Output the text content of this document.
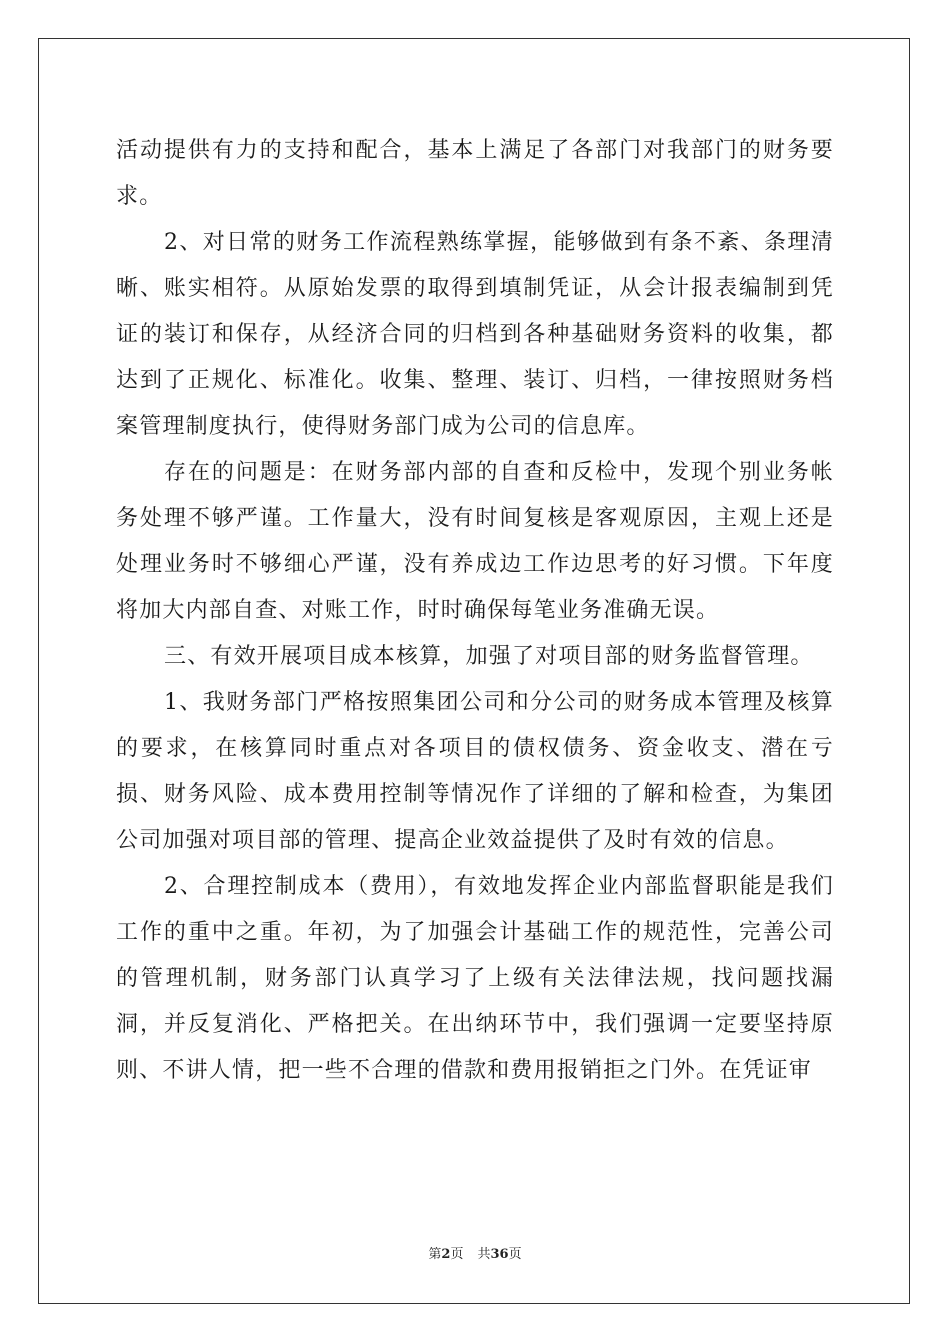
活动提供有力的支持和配合，基本上满足了各部门对我部门的财务要求。

2、对日常的财务工作流程熟练掌握，能够做到有条不紊、条理清晰、账实相符。从原始发票的取得到填制凭证，从会计报表编制到凭证的装订和保存，从经济合同的归档到各种基础财务资料的收集，都达到了正规化、标准化。收集、整理、装订、归档，一律按照财务档案管理制度执行，使得财务部门成为公司的信息库。

存在的问题是：在财务部内部的自查和反检中，发现个别业务帐务处理不够严谨。工作量大，没有时间复核是客观原因，主观上还是处理业务时不够细心严谨，没有养成边工作边思考的好习惯。下年度将加大内部自查、对账工作，时时确保每笔业务准确无误。

三、有效开展项目成本核算，加强了对项目部的财务监督管理。

1、我财务部门严格按照集团公司和分公司的财务成本管理及核算的要求，在核算同时重点对各项目的债权债务、资金收支、潜在亏损、财务风险、成本费用控制等情况作了详细的了解和检查，为集团公司加强对项目部的管理、提高企业效益提供了及时有效的信息。

2、合理控制成本（费用），有效地发挥企业内部监督职能是我们工作的重中之重。年初，为了加强会计基础工作的规范性，完善公司的管理机制，财务部门认真学习了上级有关法律法规，找问题找漏洞，并反复消化、严格把关。在出纳环节中，我们强调一定要坚持原则、不讲人情，把一些不合理的借款和费用报销拒之门外。在凭证审

第2页 共36页
